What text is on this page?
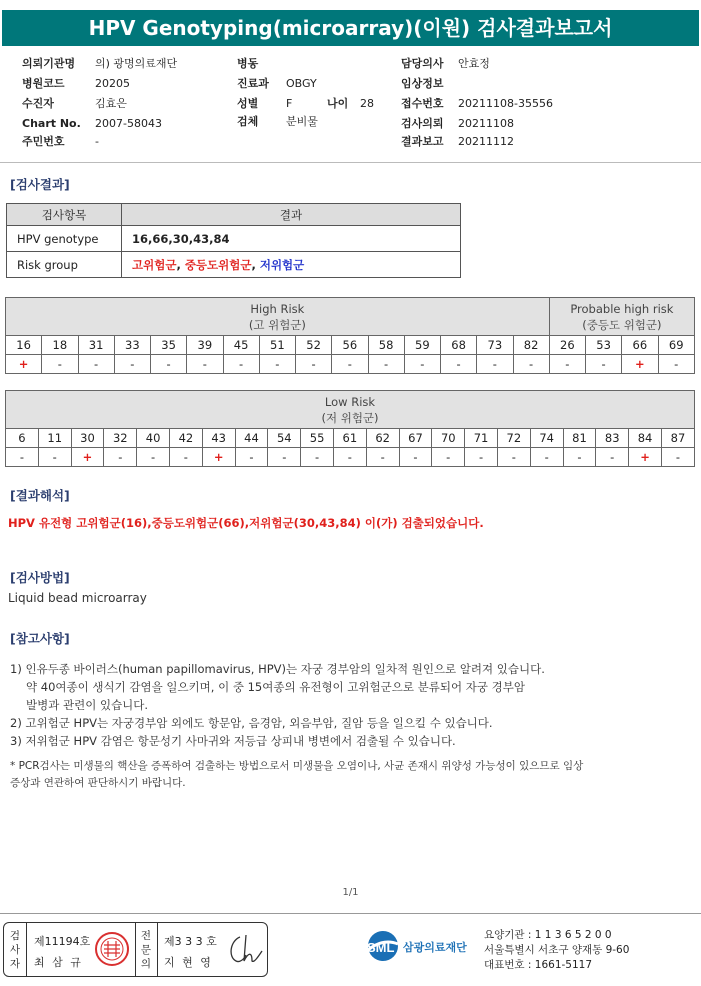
HPV Genotyping(microarray)(이원) 검사결과보고서
의뢰기관명 의) 광명의료재단
병원코드	20205
수진자	김효은
Chart No. 2007-58043
주민번호	-
병동
진료과 OBGY
성별	F	나이 28
검체	분비물
담당의사 안효정
임상정보
접수번호 20211108-35556
검사의뢰 20211108
결과보고 20211112
[검사결과]
검사항목	결과
HPV genotype	16,66,30,43,84
Risk group	고위험군, 중등도위험군, 저위험군
High Risk
(고 위험군)															Probable high risk
(중등도 위험군)			
16	18	31	33	35	39	45	51	52	56	58	59	68	73	82	26	53	66	69
+	-	-	-	-	-	-	-	-	-	-	-	-	-	-	-	-	+	-
Low Risk
(저 위험군)																				
6	11	30	32	40	42	43	44	54	55	61	62	67	70	71	72	74	81	83	84	87
-	-	+	-	-	-	+	-	-	-	-	-	-	-	-	-	-	-	-	+	-
[결과해석]
HPV 유전형 고위험군(16),중등도위험군(66),저위험군(30,43,84) 이(가) 검출되었습니다.
[검사방법]
Liquid bead microarray
[참고사항]

1) 인유두종 바이러스(human papillomavirus, HPV)는 자궁 경부암의 일차적 원인으로 알려져 있습니다.

약 40여종이 생식기 감염을 일으키며, 이 중 15여종의 유전형이 고위험군으로 분류되어 자궁 경부암

발병과 관련이 있습니다.

2) 고위험군 HPV는 자궁경부암 외에도 항문암, 음경암, 외음부암, 질암 등을 일으킬 수 있습니다.

3) 저위험군 HPV 감염은 항문성기 사마귀와 저등급 상피내 병변에서 검출될 수 있습니다.

* PCR검사는 미생물의 핵산을 증폭하여 검출하는 방법으로서 미생물을 오염이나, 사균 존재시 위양성 가능성이 있으므로 임상
증상과 연관하여 판단하시기 바랍니다.
1/1
검사자
제11194호
최 삼 규
전문의
제3 3 3 호
지 현 영
SML 삼광의료재단
요양기관 : 1 1 3 6 5 2 0 0
서울특별시 서초구 양재동 9-60
대표번호 : 1661-5117
